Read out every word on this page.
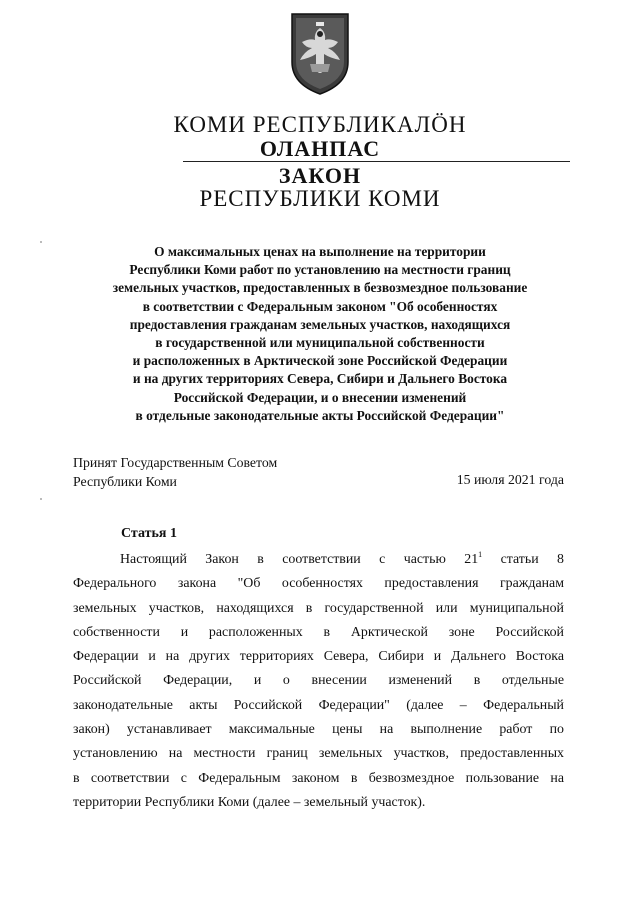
КОМИ РЕСПУБЛИКАЛӦН
ОЛАНПАС
ЗАКОН
РЕСПУБЛИКИ КОМИ
О максимальных ценах на выполнение на территории
Республики Коми работ по установлению на местности границ
земельных участков, предоставленных в безвозмездное пользование
в соответствии с Федеральным законом "Об особенностях
предоставления гражданам земельных участков, находящихся
в государственной или муниципальной собственности
и расположенных в Арктической зоне Российской Федерации
и на других территориях Севера, Сибири и Дальнего Востока
Российской Федерации, и о внесении изменений
в отдельные законодательные акты Российской Федерации"
Принят Государственным Советом
Республики Коми	15 июля 2021 года
Статья 1
Настоящий Закон в соответствии с частью $21^1$ статьи 8
Федерального закона "Об особенностях предоставления гражданам
земельных участков, находящихся в государственной или муниципальной
собственности и расположенных в Арктической зоне Российской
Федерации и на других территориях Севера, Сибири и Дальнего Востока
Российской Федерации, и о внесении изменений в отдельные
законодательные акты Российской Федерации" (далее – Федеральный
закон) устанавливает максимальные цены на выполнение работ по
установлению на местности границ земельных участков, предоставленных
в соответствии с Федеральным законом в безвозмездное пользование на
территории Республики Коми (далее – земельный участок).
